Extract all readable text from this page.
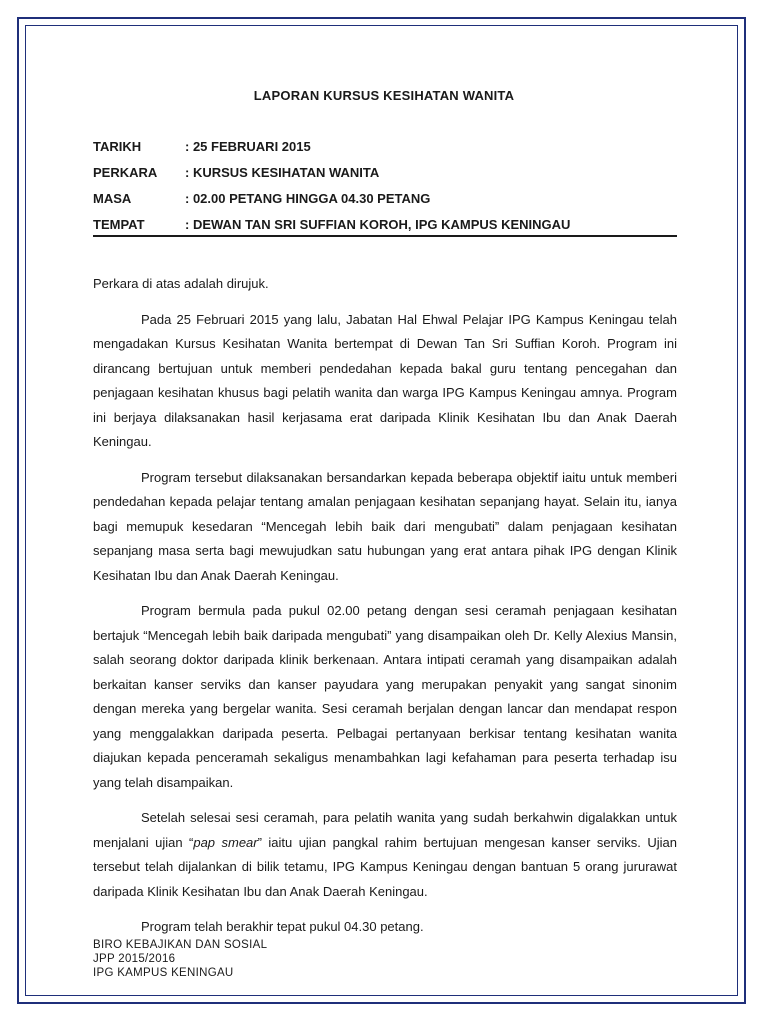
LAPORAN KURSUS KESIHATAN WANITA
TARIKH	: 25 FEBRUARI 2015
PERKARA	: KURSUS KESIHATAN WANITA
MASA	: 02.00 PETANG HINGGA 04.30 PETANG
TEMPAT	: DEWAN TAN SRI SUFFIAN KOROH, IPG KAMPUS KENINGAU

Perkara di atas adalah dirujuk.

Pada 25 Februari 2015 yang lalu, Jabatan Hal Ehwal Pelajar IPG Kampus Keningau telah mengadakan Kursus Kesihatan Wanita bertempat di Dewan Tan Sri Suffian Koroh. Program ini dirancang bertujuan untuk memberi pendedahan kepada bakal guru tentang pencegahan dan penjagaan kesihatan khusus bagi pelatih wanita dan warga IPG Kampus Keningau amnya. Program ini berjaya dilaksanakan hasil kerjasama erat daripada Klinik Kesihatan Ibu dan Anak Daerah Keningau.

Program tersebut dilaksanakan bersandarkan kepada beberapa objektif iaitu untuk memberi pendedahan kepada pelajar tentang amalan penjagaan kesihatan sepanjang hayat. Selain itu, ianya bagi memupuk kesedaran “Mencegah lebih baik dari mengubati” dalam penjagaan kesihatan sepanjang masa serta bagi mewujudkan satu hubungan yang erat antara pihak IPG dengan Klinik Kesihatan Ibu dan Anak Daerah Keningau.

Program bermula pada pukul 02.00 petang dengan sesi ceramah penjagaan kesihatan bertajuk “Mencegah lebih baik daripada mengubati” yang disampaikan oleh Dr. Kelly Alexius Mansin, salah seorang doktor daripada klinik berkenaan. Antara intipati ceramah yang disampaikan adalah berkaitan kanser serviks dan kanser payudara yang merupakan penyakit yang sangat sinonim dengan mereka yang bergelar wanita. Sesi ceramah berjalan dengan lancar dan mendapat respon yang menggalakkan daripada peserta. Pelbagai pertanyaan berkisar tentang kesihatan wanita diajukan kepada penceramah sekaligus menambahkan lagi kefahaman para peserta terhadap isu yang telah disampaikan.

Setelah selesai sesi ceramah, para pelatih wanita yang sudah berkahwin digalakkan untuk menjalani ujian “pap smear” iaitu ujian pangkal rahim bertujuan mengesan kanser serviks. Ujian tersebut telah dijalankan di bilik tetamu, IPG Kampus Keningau dengan bantuan 5 orang jururawat daripada Klinik Kesihatan Ibu dan Anak Daerah Keningau.

Program telah berakhir tepat pukul 04.30 petang.

BIRO KEBAJIKAN DAN SOSIAL
JPP 2015/2016
IPG KAMPUS KENINGAU
